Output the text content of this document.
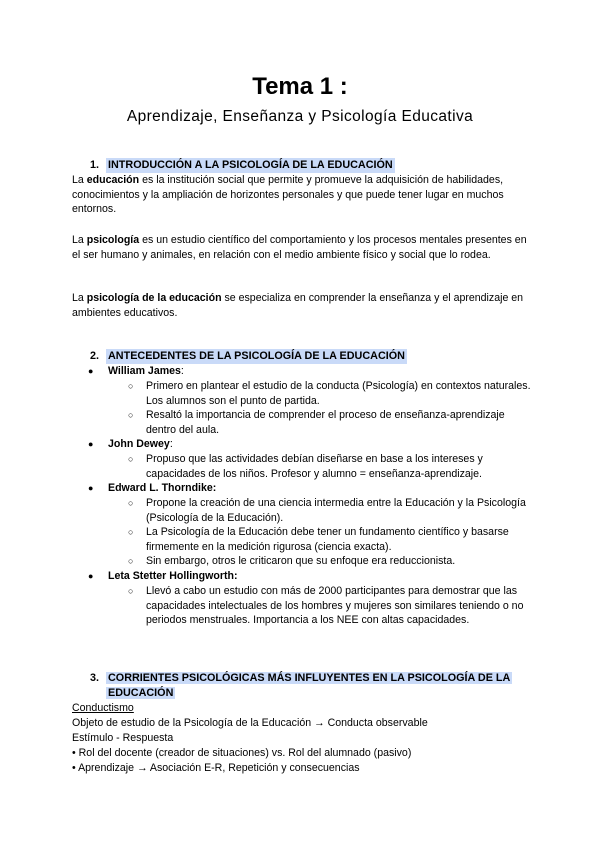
Tema 1 :
Aprendizaje, Enseñanza y Psicología Educativa
1. INTRODUCCIÓN A LA PSICOLOGÍA DE LA EDUCACIÓN

La educación es la institución social que permite y promueve la adquisición de habilidades, conocimientos y la ampliación de horizontes personales y que puede tener lugar en muchos entornos.

La psicología es un estudio científico del comportamiento y los procesos mentales presentes en el ser humano y animales, en relación con el medio ambiente físico y social que lo rodea.

La psicología de la educación se especializa en comprender la enseñanza y el aprendizaje en ambientes educativos.

2. ANTECEDENTES DE LA PSICOLOGÍA DE LA EDUCACIÓN
● William James:
○ Primero en plantear el estudio de la conducta (Psicología) en contextos naturales. Los alumnos son el punto de partida.
○ Resaltó la importancia de comprender el proceso de enseñanza-aprendizaje dentro del aula.
● John Dewey:
○ Propuso que las actividades debían diseñarse en base a los intereses y capacidades de los niños. Profesor y alumno = enseñanza-aprendizaje.
● Edward L. Thorndike:
○ Propone la creación de una ciencia intermedia entre la Educación y la Psicología (Psicología de la Educación).
○ La Psicología de la Educación debe tener un fundamento científico y basarse firmemente en la medición rigurosa (ciencia exacta).
○ Sin embargo, otros le criticaron que su enfoque era reduccionista.
● Leta Stetter Hollingworth:
○ Llevó a cabo un estudio con más de 2000 participantes para demostrar que las capacidades intelectuales de los hombres y mujeres son similares teniendo o no periodos menstruales. Importancia a los NEE con altas capacidades.
3. CORRIENTES PSICOLÓGICAS MÁS INFLUYENTES EN LA PSICOLOGÍA DE LA
EDUCACIÓN

Conductismo

Objeto de estudio de la Psicología de la Educación → Conducta observable

Estímulo - Respuesta

• Rol del docente (creador de situaciones) vs. Rol del alumnado (pasivo)

• Aprendizaje → Asociación E-R, Repetición y consecuencias
